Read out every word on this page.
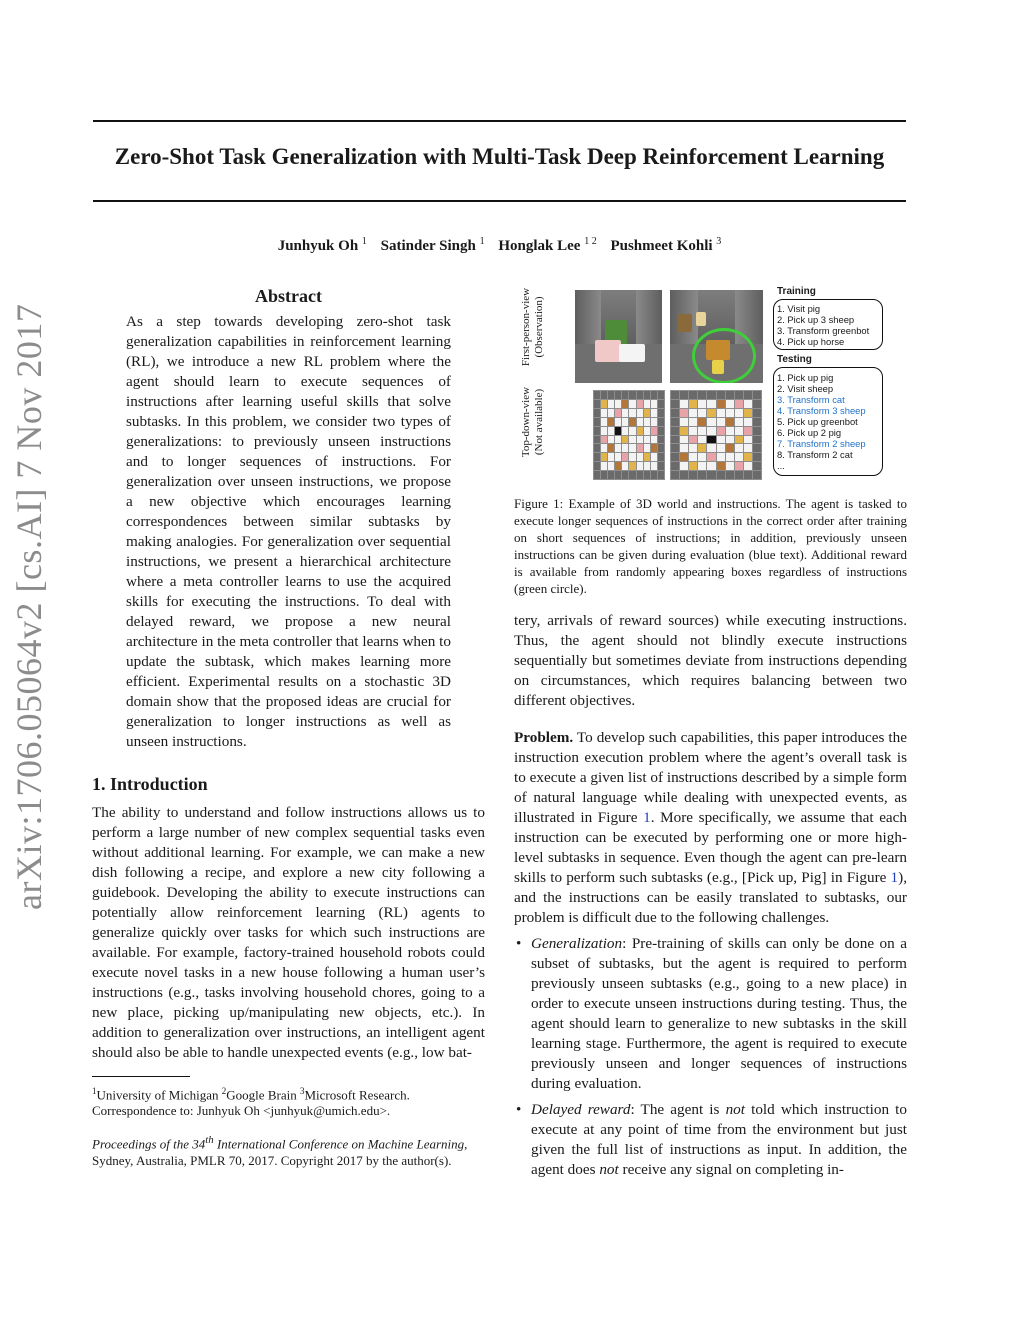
arXiv:1706.05064v2 [cs.AI] 7 Nov 2017
Zero-Shot Task Generalization with Multi-Task Deep Reinforcement Learning
Junhyuk Oh $^1$ Satinder Singh $^1$ Honglak Lee $^{1 2}$ Pushmeet Kohli $^3$
Abstract

As a step towards developing zero-shot task generalization capabilities in reinforcement learning (RL), we introduce a new RL problem where the agent should learn to execute sequences of instructions after learning useful skills that solve subtasks. In this problem, we consider two types of generalizations: to previously unseen instructions and to longer sequences of instructions. For generalization over unseen instructions, we propose a new objective which encourages learning correspondences between similar subtasks by making analogies. For generalization over sequential instructions, we present a hierarchical architecture where a meta controller learns to use the acquired skills for executing the instructions. To deal with delayed reward, we propose a new neural architecture in the meta controller that learns when to update the subtask, which makes learning more efficient. Experimental results on a stochastic 3D domain show that the proposed ideas are crucial for generalization to longer instructions as well as unseen instructions.

1. Introduction

The ability to understand and follow instructions allows us to perform a large number of new complex sequential tasks even without additional learning. For example, we can make a new dish following a recipe, and explore a new city following a guidebook. Developing the ability to execute instructions can potentially allow reinforcement learning (RL) agents to generalize quickly over tasks for which such instructions are available. For example, factory-trained household robots could execute novel tasks in a new house following a human user’s instructions (e.g., tasks involving household chores, going to a new place, picking up/manipulating new objects, etc.). In addition to generalization over instructions, an intelligent agent should also be able to handle unexpected events (e.g., low bat-

$^1$University of Michigan $^2$Google Brain $^3$Microsoft Research. Correspondence to: Junhyuk Oh <junhyuk@umich.edu>.

Proceedings of the 34th International Conference on Machine Learning, Sydney, Australia, PMLR 70, 2017. Copyright 2017 by the author(s).

First-person-view (Observation)
Top-down-view (Not available)
Training
1. Visit pig
2. Pick up 3 sheep
3. Transform greenbot
4. Pick up horse
Testing
1. Pick up pig
2. Visit sheep
3. Transform cat
4. Transform 3 sheep
5. Pick up greenbot
6. Pick up 2 pig
7. Transform 2 sheep
8. Transform 2 cat
...

Figure 1: Example of 3D world and instructions. The agent is tasked to execute longer sequences of instructions in the correct order after training on short sequences of instructions; in addition, previously unseen instructions can be given during evaluation (blue text). Additional reward is available from randomly appearing boxes regardless of instructions (green circle).

tery, arrivals of reward sources) while executing instructions. Thus, the agent should not blindly execute instructions sequentially but sometimes deviate from instructions depending on circumstances, which requires balancing between two different objectives.

Problem. To develop such capabilities, this paper introduces the instruction execution problem where the agent’s overall task is to execute a given list of instructions described by a simple form of natural language while dealing with unexpected events, as illustrated in Figure 1. More specifically, we assume that each instruction can be executed by performing one or more high-level subtasks in sequence. Even though the agent can pre-learn skills to perform such subtasks (e.g., [Pick up, Pig] in Figure 1), and the instructions can be easily translated to subtasks, our problem is difficult due to the following challenges.

• Generalization: Pre-training of skills can only be done on a subset of subtasks, but the agent is required to perform previously unseen subtasks (e.g., going to a new place) in order to execute unseen instructions during testing. Thus, the agent should learn to generalize to new subtasks in the skill learning stage. Furthermore, the agent is required to execute previously unseen and longer sequences of instructions during evaluation.
• Delayed reward: The agent is not told which instruction to execute at any point of time from the environment but just given the full list of instructions as input. In addition, the agent does not receive any signal on completing in-
